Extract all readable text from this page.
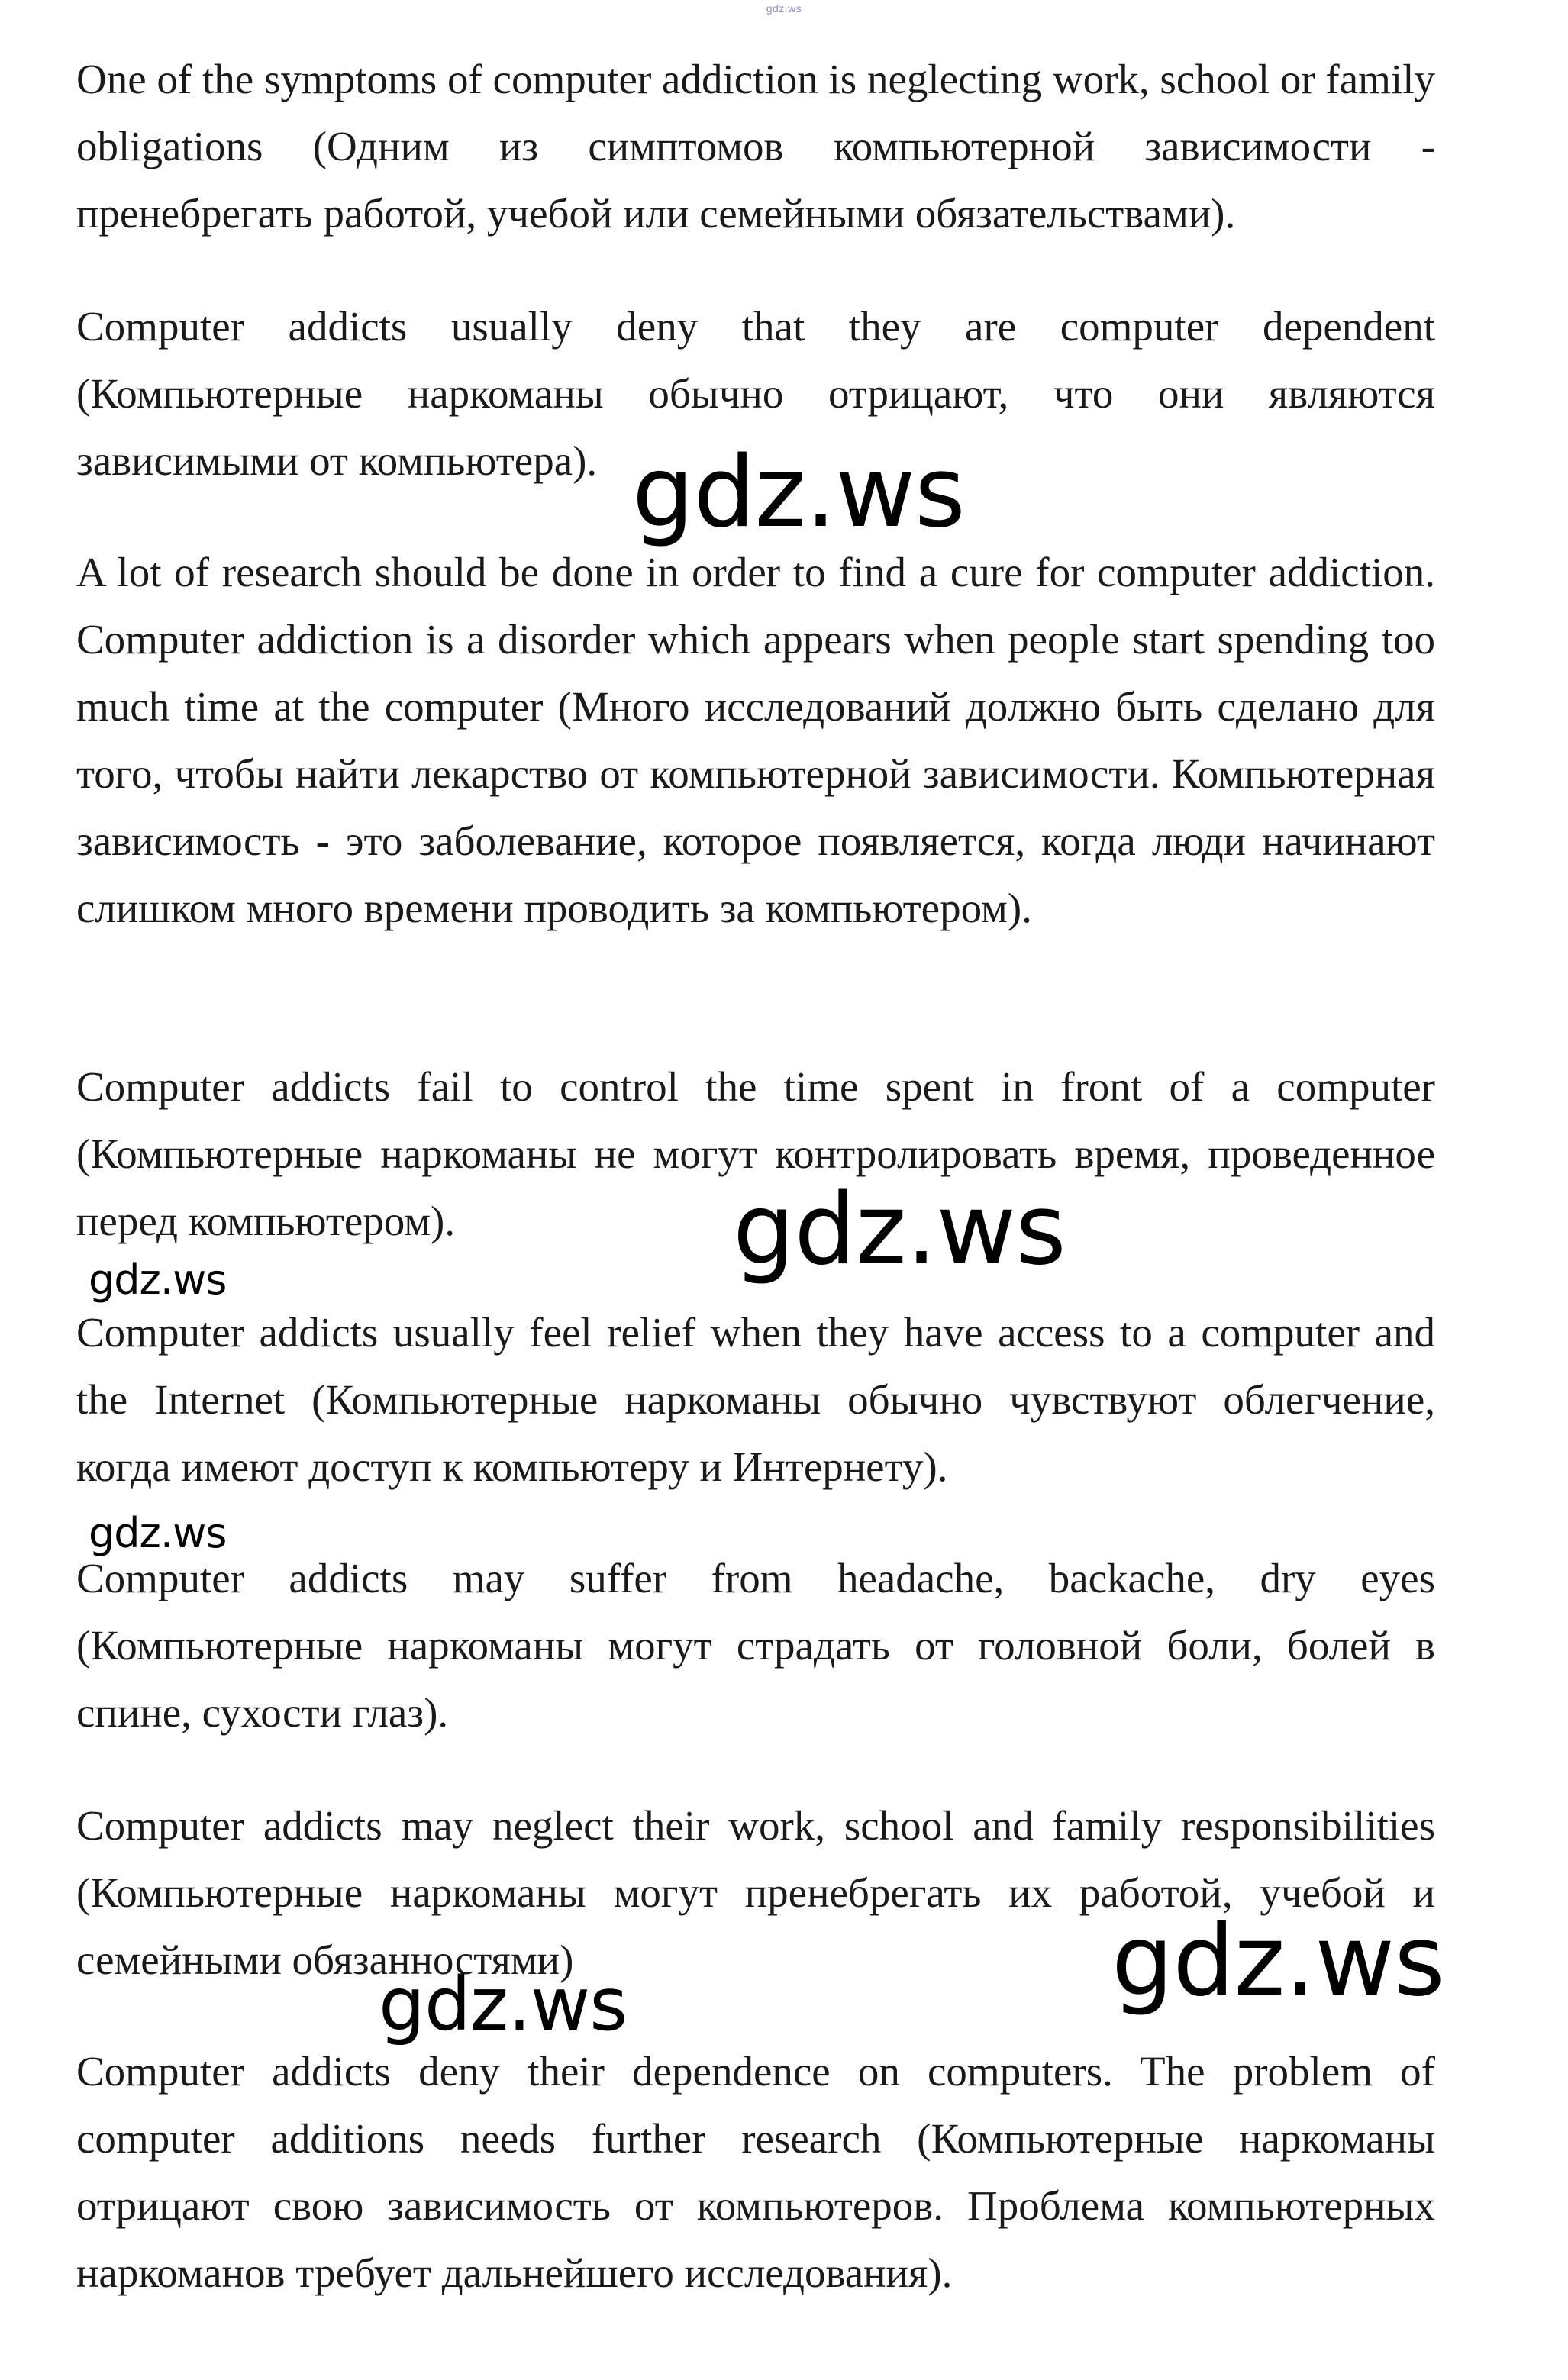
gdz.ws

One of the symptoms of computer addiction is neglecting work, school or family obligations (Одним из симптомов компьютерной зависимости - пренебрегать работой, учебой или семейными обязательствами).

Computer addicts usually deny that they are computer dependent (Компьютерные наркоманы обычно отрицают, что они являются зависимыми от компьютера).

A lot of research should be done in order to find a cure for computer addiction. Computer addiction is a disorder which appears when people start spending too much time at the computer (Много исследований должно быть сделано для того, чтобы найти лекарство от компьютерной зависимости. Компьютерная зависимость - это заболевание, которое появляется, когда люди начинают слишком много времени проводить за компьютером).

Computer addicts fail to control the time spent in front of a computer (Компьютерные наркоманы не могут контролировать время, проведенное перед компьютером).

Computer addicts usually feel relief when they have access to a computer and the Internet (Компьютерные наркоманы обычно чувствуют облегчение, когда имеют доступ к компьютеру и Интернету).

Computer addicts may suffer from headache, backache, dry eyes (Компьютерные наркоманы могут страдать от головной боли, болей в спине, сухости глаз).

Computer addicts may neglect their work, school and family responsibilities (Компьютерные наркоманы могут пренебрегать их работой, учебой и семейными обязанностями)

Computer addicts deny their dependence on computers. The problem of computer additions needs further research (Компьютерные наркоманы отрицают свою зависимость от компьютеров. Проблема компьютерных наркоманов требует дальнейшего исследования).

gdz.ws
gdz.ws
gdz.ws
gdz.ws
gdz.ws
gdz.ws
